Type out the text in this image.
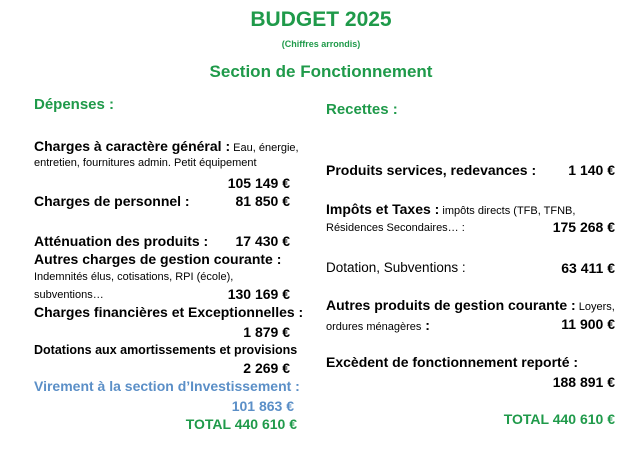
BUDGET 2025
(Chiffres arrondis)
Section de Fonctionnement
Dépenses :
Charges à caractère général : Eau, énergie,
entretien, fournitures admin. Petit équipement
105 149 €
Charges de personnel :	81 850 €
Atténuation des produits : 17 430 €
Autres charges de gestion courante :
Indemnités élus, cotisations, RPI (école),
subventions…	130 169 €
Charges financières et Exceptionnelles :
1 879 €
Dotations aux amortissements et provisions
2 269 €
Virement à la section d’Investissement :
101 863 €
TOTAL 440 610 €
Recettes :
Produits services, redevances : 1 140 €
Impôts et Taxes : impôts directs (TFB, TFNB,
Résidences Secondaires… :	175 268 €
Dotation, Subventions :	63 411 €
Autres produits de gestion courante : Loyers,
ordures ménagères :	11 900 €
Excèdent de fonctionnement reporté :
188 891 €
TOTAL 440 610 €
